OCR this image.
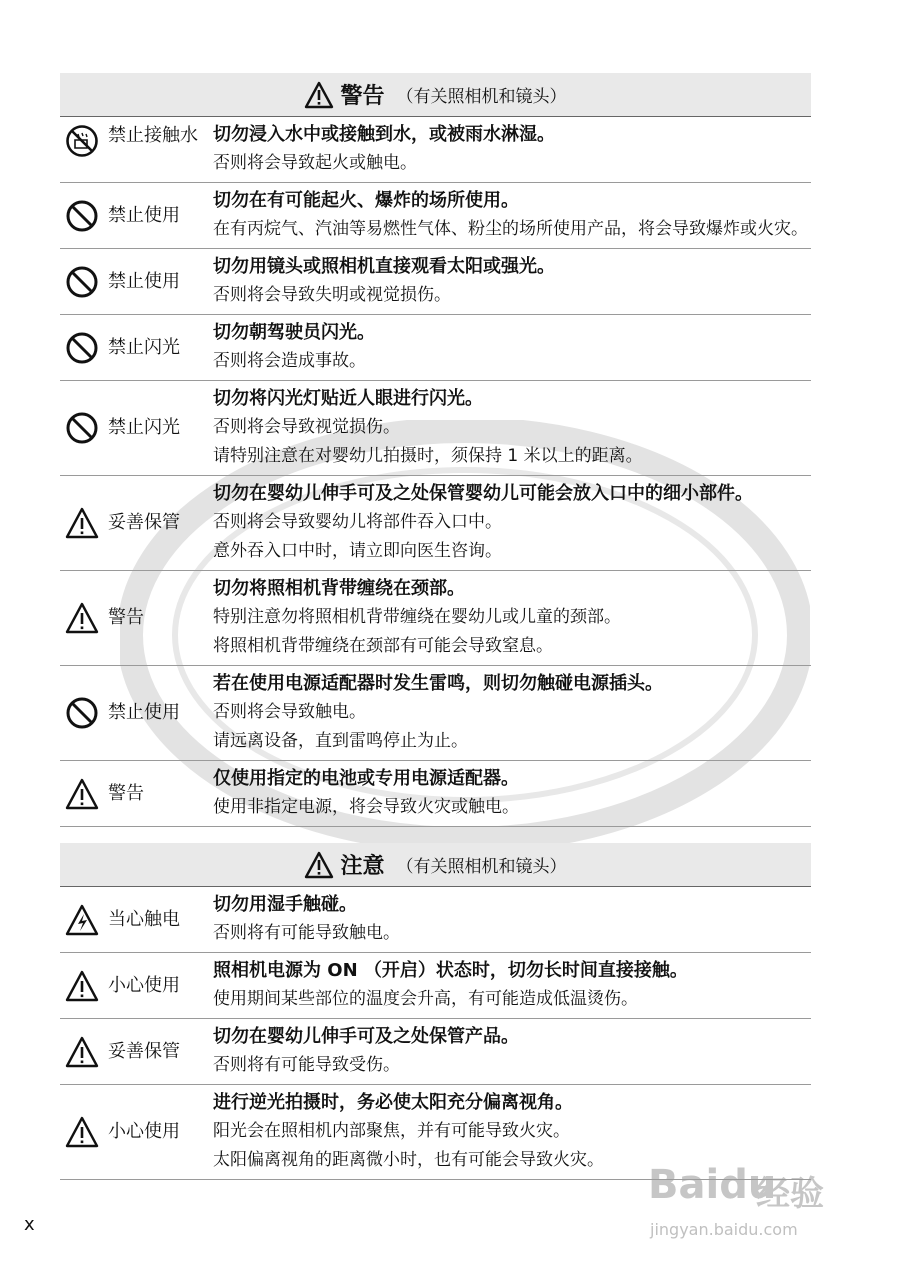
警告 （有关照相机和镜头）
禁止接触水 切勿浸入水中或接触到水，或被雨水淋湿。
否则将会导致起火或触电。
禁止使用
切勿在有可能起火、爆炸的场所使用。
在有丙烷气、汽油等易燃性气体、粉尘的场所使用产品，将会导致爆炸或火灾。
禁止使用
切勿用镜头或照相机直接观看太阳或强光。
否则将会导致失明或视觉损伤。
禁止闪光
切勿朝驾驶员闪光。
否则将会造成事故。
禁止闪光
切勿将闪光灯贴近人眼进行闪光。
否则将会导致视觉损伤。
请特别注意在对婴幼儿拍摄时，须保持 1 米以上的距离。
妥善保管
切勿在婴幼儿伸手可及之处保管婴幼儿可能会放入口中的细小部件。
否则将会导致婴幼儿将部件吞入口中。
意外吞入口中时，请立即向医生咨询。
警告
切勿将照相机背带缠绕在颈部。
特别注意勿将照相机背带缠绕在婴幼儿或儿童的颈部。
将照相机背带缠绕在颈部有可能会导致窒息。
禁止使用
若在使用电源适配器时发生雷鸣，则切勿触碰电源插头。
否则将会导致触电。
请远离设备，直到雷鸣停止为止。
警告
仅使用指定的电池或专用电源适配器。
使用非指定电源，将会导致火灾或触电。
注意 （有关照相机和镜头）
当心触电
切勿用湿手触碰。
否则将有可能导致触电。
小心使用
照相机电源为 ON （开启）状态时，切勿长时间直接接触。
使用期间某些部位的温度会升高，有可能造成低温烫伤。
妥善保管
切勿在婴幼儿伸手可及之处保管产品。
否则将有可能导致受伤。
小心使用
进行逆光拍摄时，务必使太阳充分偏离视角。
阳光会在照相机内部聚焦，并有可能导致火灾。
太阳偏离视角的距离微小时，也有可能会导致火灾。
x
Baidu
经验
jingyan.baidu.com
